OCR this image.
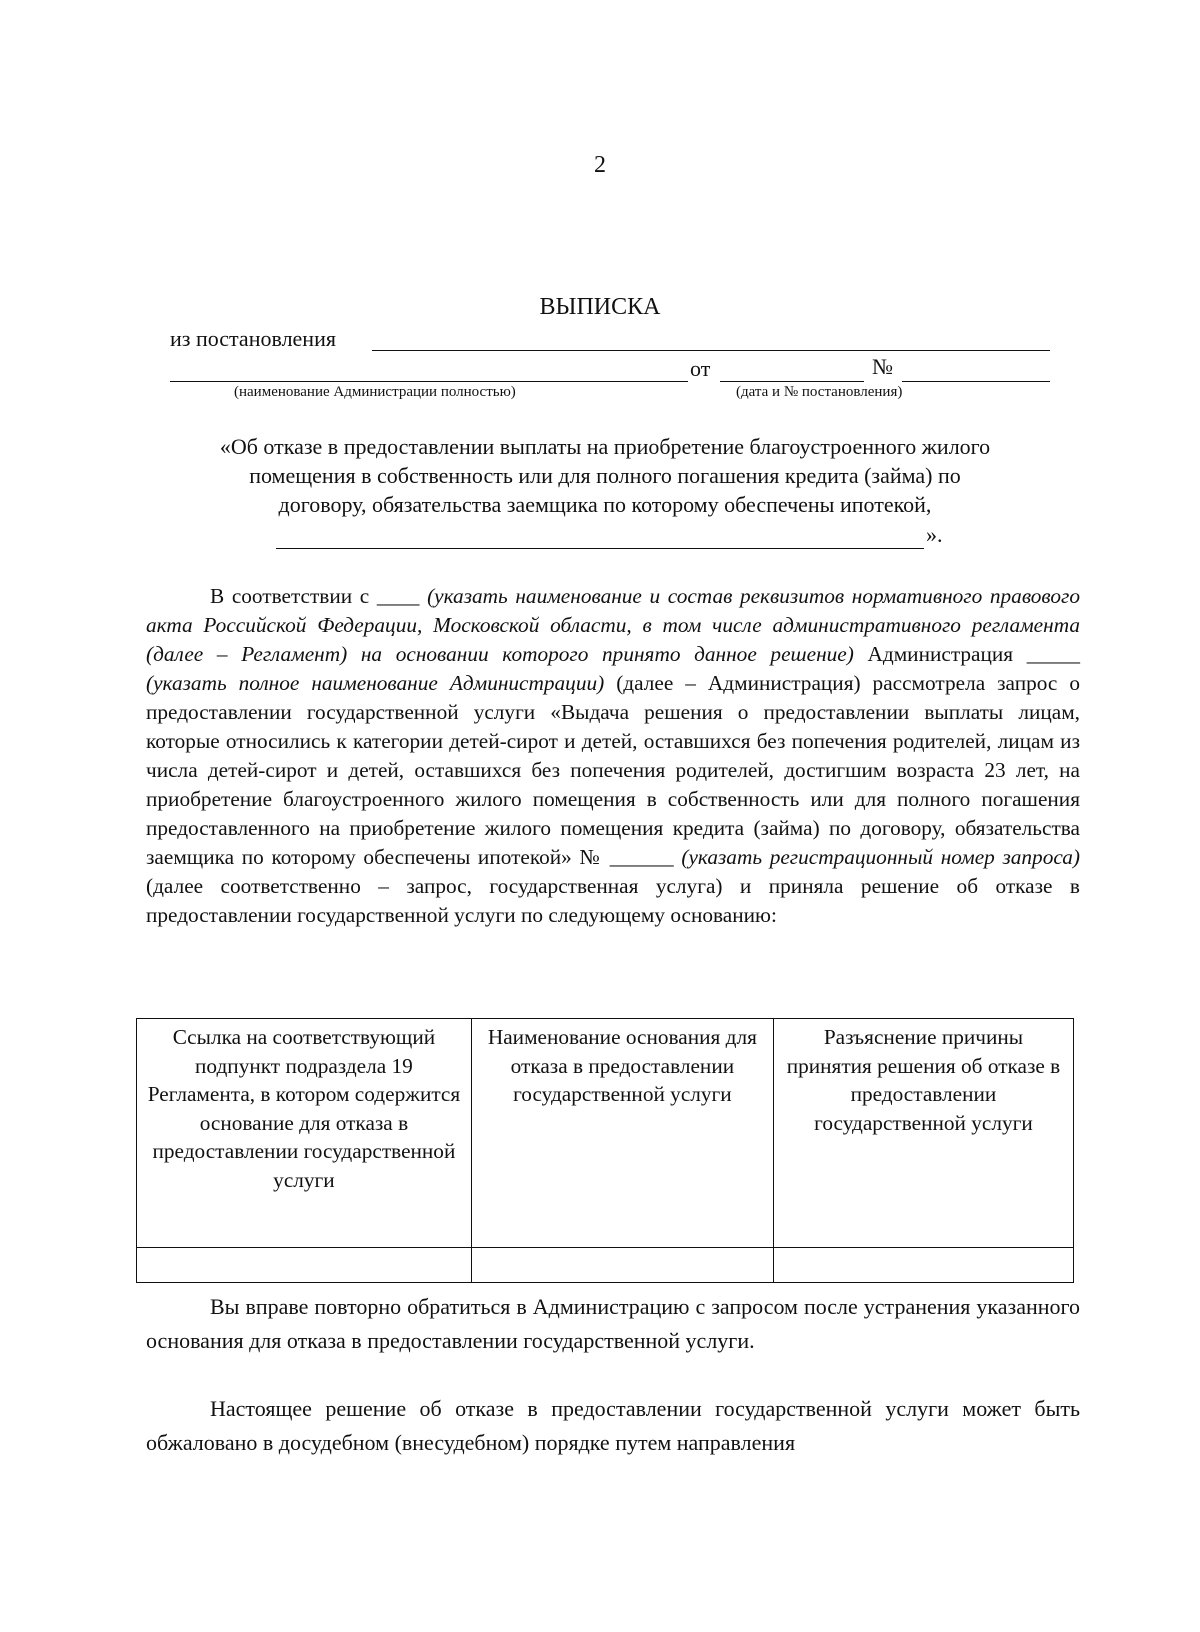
2
ВЫПИСКА
из постановления
от	№
(наименование Администрации полностью)	(дата и № постановления)
«Об отказе в предоставлении выплаты на приобретение благоустроенного жилого
помещения в собственность или для полного погашения кредита (займа) по
договору, обязательства заемщика по которому обеспечены ипотекой,
».
В соответствии с ____ (указать наименование и состав реквизитов нормативного правового акта Российской Федерации, Московской области, в том числе административного регламента (далее – Регламент) на основании которого принято данное решение) Администрация _____ (указать полное наименование Администрации) (далее – Администрация) рассмотрела запрос о предоставлении государственной услуги «Выдача решения о предоставлении выплаты лицам, которые относились к категории детей-сирот и детей, оставшихся без попечения родителей, лицам из числа детей-сирот и детей, оставшихся без попечения родителей, достигшим возраста 23 лет, на приобретение благоустроенного жилого помещения в собственность или для полного погашения предоставленного на приобретение жилого помещения кредита (займа) по договору, обязательства заемщика по которому обеспечены ипотекой» № ______ (указать регистрационный номер запроса) (далее соответственно – запрос, государственная услуга) и приняла решение об отказе в предоставлении государственной услуги по следующему основанию:
Ссылка на соответствующий подпункт подраздела 19 Регламента, в котором содержится основание для отказа в предоставлении государственной услуги	Наименование основания для отказа в предоставлении государственной услуги	Разъяснение причины принятия решения об отказе в предоставлении государственной услуги

Вы вправе повторно обратиться в Администрацию с запросом после устранения указанного основания для отказа в предоставлении государственной услуги.
Настоящее решение об отказе в предоставлении государственной услуги может быть обжаловано в досудебном (внесудебном) порядке путем направления
